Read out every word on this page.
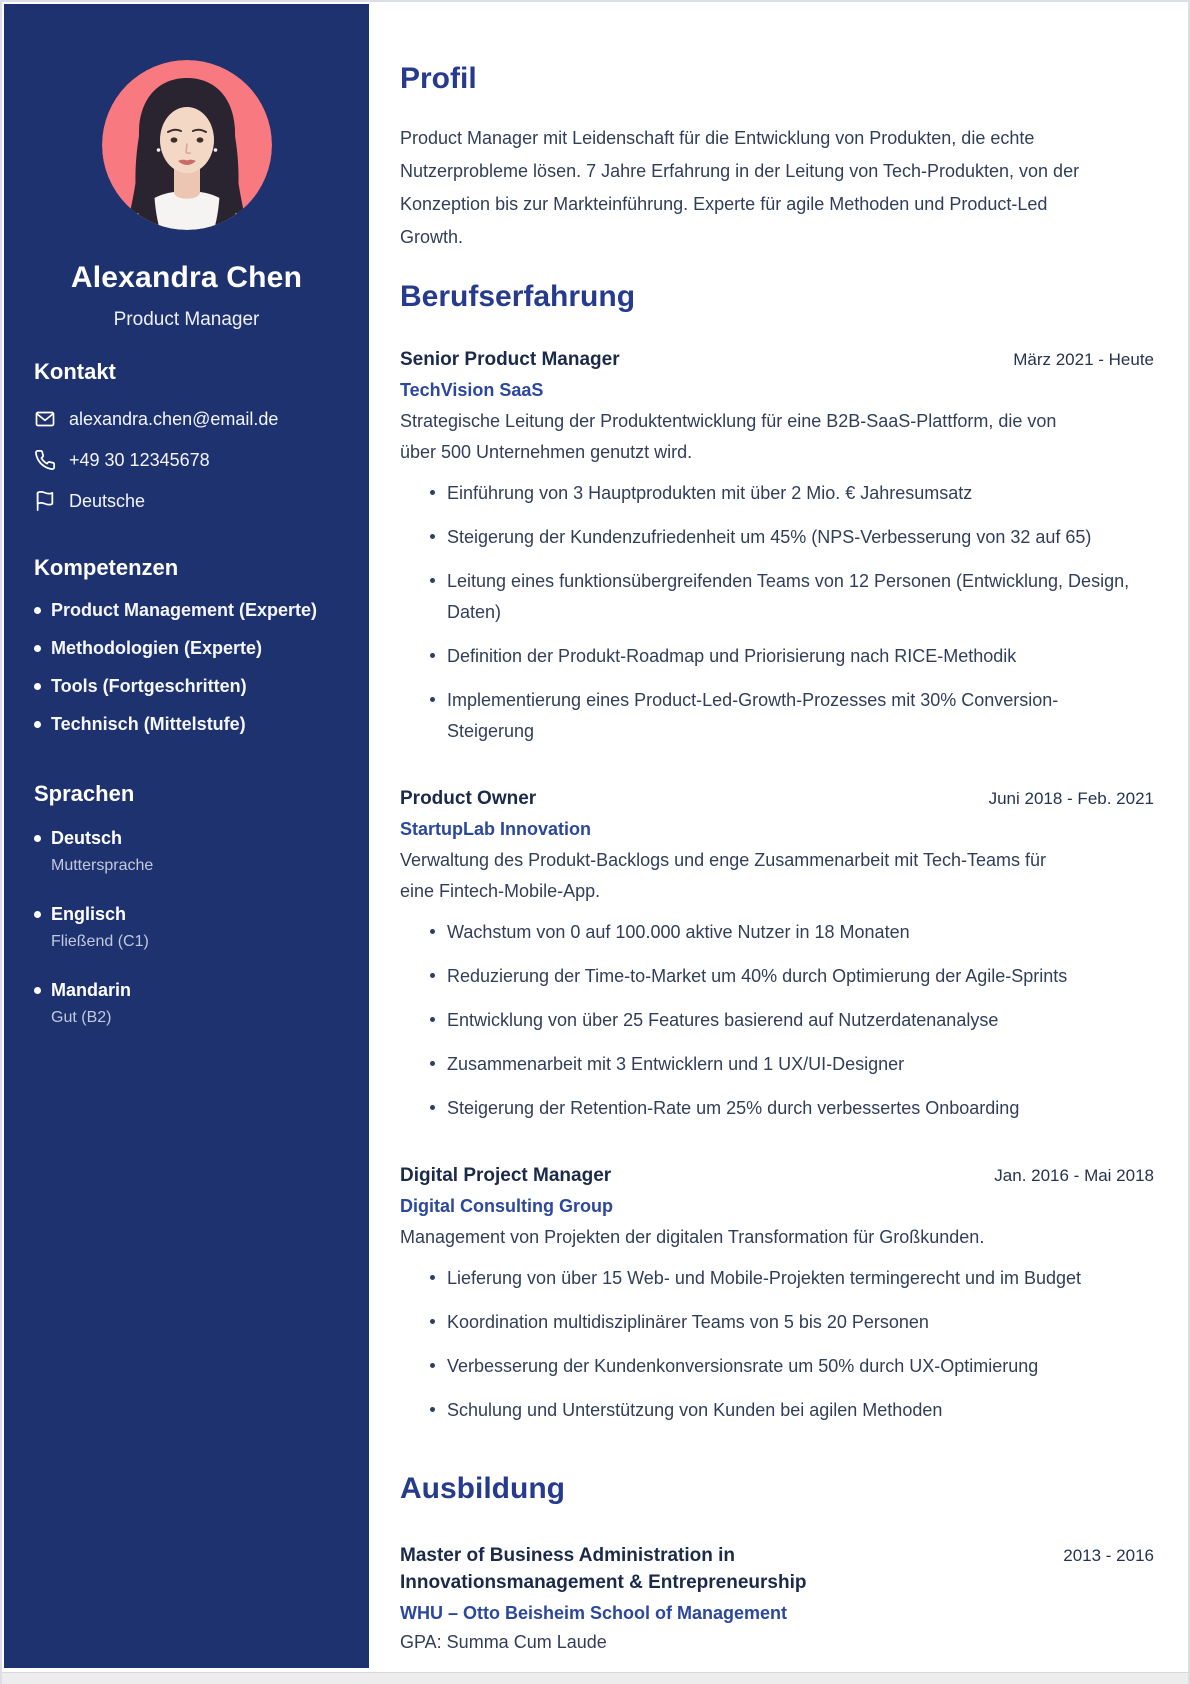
Alexandra Chen
Product Manager
Kontakt
alexandra.chen@email.de
+49 30 12345678
Deutsche
Kompetenzen
Product Management (Experte)
Methodologien (Experte)
Tools (Fortgeschritten)
Technisch (Mittelstufe)
Sprachen
Deutsch
Muttersprache
Englisch
Fließend (C1)
Mandarin
Gut (B2)
Profil

Product Manager mit Leidenschaft für die Entwicklung von Produkten, die echte Nutzerprobleme lösen. 7 Jahre Erfahrung in der Leitung von Tech-Produkten, von der Konzeption bis zur Markteinführung. Experte für agile Methoden und Product-Led Growth.

Berufserfahrung
Senior Product Manager	März 2021 - Heute
TechVision SaaS

Strategische Leitung der Produktentwicklung für eine B2B-SaaS-Plattform, die von über 500 Unternehmen genutzt wird.

Einführung von 3 Hauptprodukten mit über 2 Mio. € Jahresumsatz
Steigerung der Kundenzufriedenheit um 45% (NPS-Verbesserung von 32 auf 65)
Leitung eines funktionsübergreifenden Teams von 12 Personen (Entwicklung, Design, Daten)
Definition der Produkt-Roadmap und Priorisierung nach RICE-Methodik
Implementierung eines Product-Led-Growth-Prozesses mit 30% Conversion-Steigerung
Product Owner	Juni 2018 - Feb. 2021
StartupLab Innovation

Verwaltung des Produkt-Backlogs und enge Zusammenarbeit mit Tech-Teams für eine Fintech-Mobile-App.

Wachstum von 0 auf 100.000 aktive Nutzer in 18 Monaten
Reduzierung der Time-to-Market um 40% durch Optimierung der Agile-Sprints
Entwicklung von über 25 Features basierend auf Nutzerdatenanalyse
Zusammenarbeit mit 3 Entwicklern und 1 UX/UI-Designer
Steigerung der Retention-Rate um 25% durch verbessertes Onboarding
Digital Project Manager	Jan. 2016 - Mai 2018
Digital Consulting Group

Management von Projekten der digitalen Transformation für Großkunden.

Lieferung von über 15 Web- und Mobile-Projekten termingerecht und im Budget
Koordination multidisziplinärer Teams von 5 bis 20 Personen
Verbesserung der Kundenkonversionsrate um 50% durch UX-Optimierung
Schulung und Unterstützung von Kunden bei agilen Methoden
Ausbildung
Master of Business Administration in Innovationsmanagement & Entrepreneurship
2013 - 2016
WHU – Otto Beisheim School of Management
GPA: Summa Cum Laude
